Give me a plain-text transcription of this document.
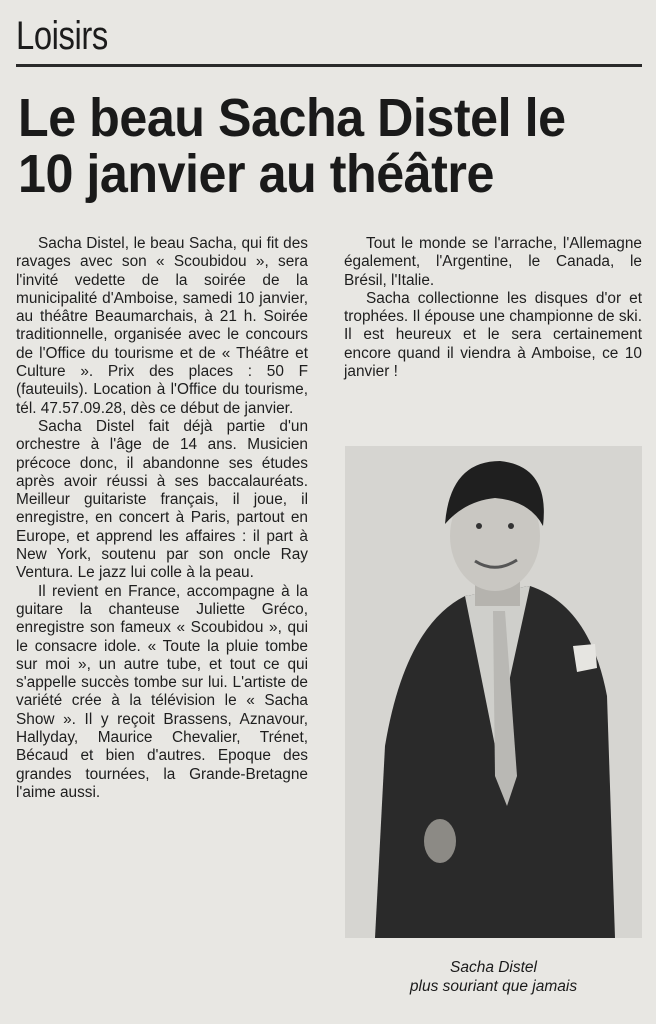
Loisirs
Le beau Sacha Distel le 10 janvier au théâtre

Sacha Distel, le beau Sacha, qui fit des ravages avec son « Scoubidou », sera l'invité vedette de la soirée de la municipalité d'Amboise, samedi 10 janvier, au théâtre Beaumarchais, à 21 h. Soirée traditionnelle, organisée avec le concours de l'Office du tourisme et de « Théâtre et Culture ». Prix des places : 50 F (fauteuils). Location à l'Office du tourisme, tél. 47.57.09.28, dès ce début de janvier.

Sacha Distel fait déjà partie d'un orchestre à l'âge de 14 ans. Musicien précoce donc, il abandonne ses études après avoir réussi à ses baccalauréats. Meilleur guitariste français, il joue, il enregistre, en concert à Paris, partout en Europe, et apprend les affaires : il part à New York, soutenu par son oncle Ray Ventura. Le jazz lui colle à la peau.

Il revient en France, accompagne à la guitare la chanteuse Juliette Gréco, enregistre son fameux « Scoubidou », qui le consacre idole. « Toute la pluie tombe sur moi », un autre tube, et tout ce qui s'appelle succès tombe sur lui. L'artiste de variété crée à la télévision le « Sacha Show ». Il y reçoit Brassens, Aznavour, Hallyday, Maurice Chevalier, Trénet, Bécaud et bien d'autres. Epoque des grandes tournées, la Grande-Bretagne l'aime aussi.

Tout le monde se l'arrache, l'Allemagne également, l'Argentine, le Canada, le Brésil, l'Italie.

Sacha collectionne les disques d'or et trophées. Il épouse une championne de ski. Il est heureux et le sera certainement encore quand il viendra à Amboise, ce 10 janvier !

Sacha Distel
plus souriant que jamais
